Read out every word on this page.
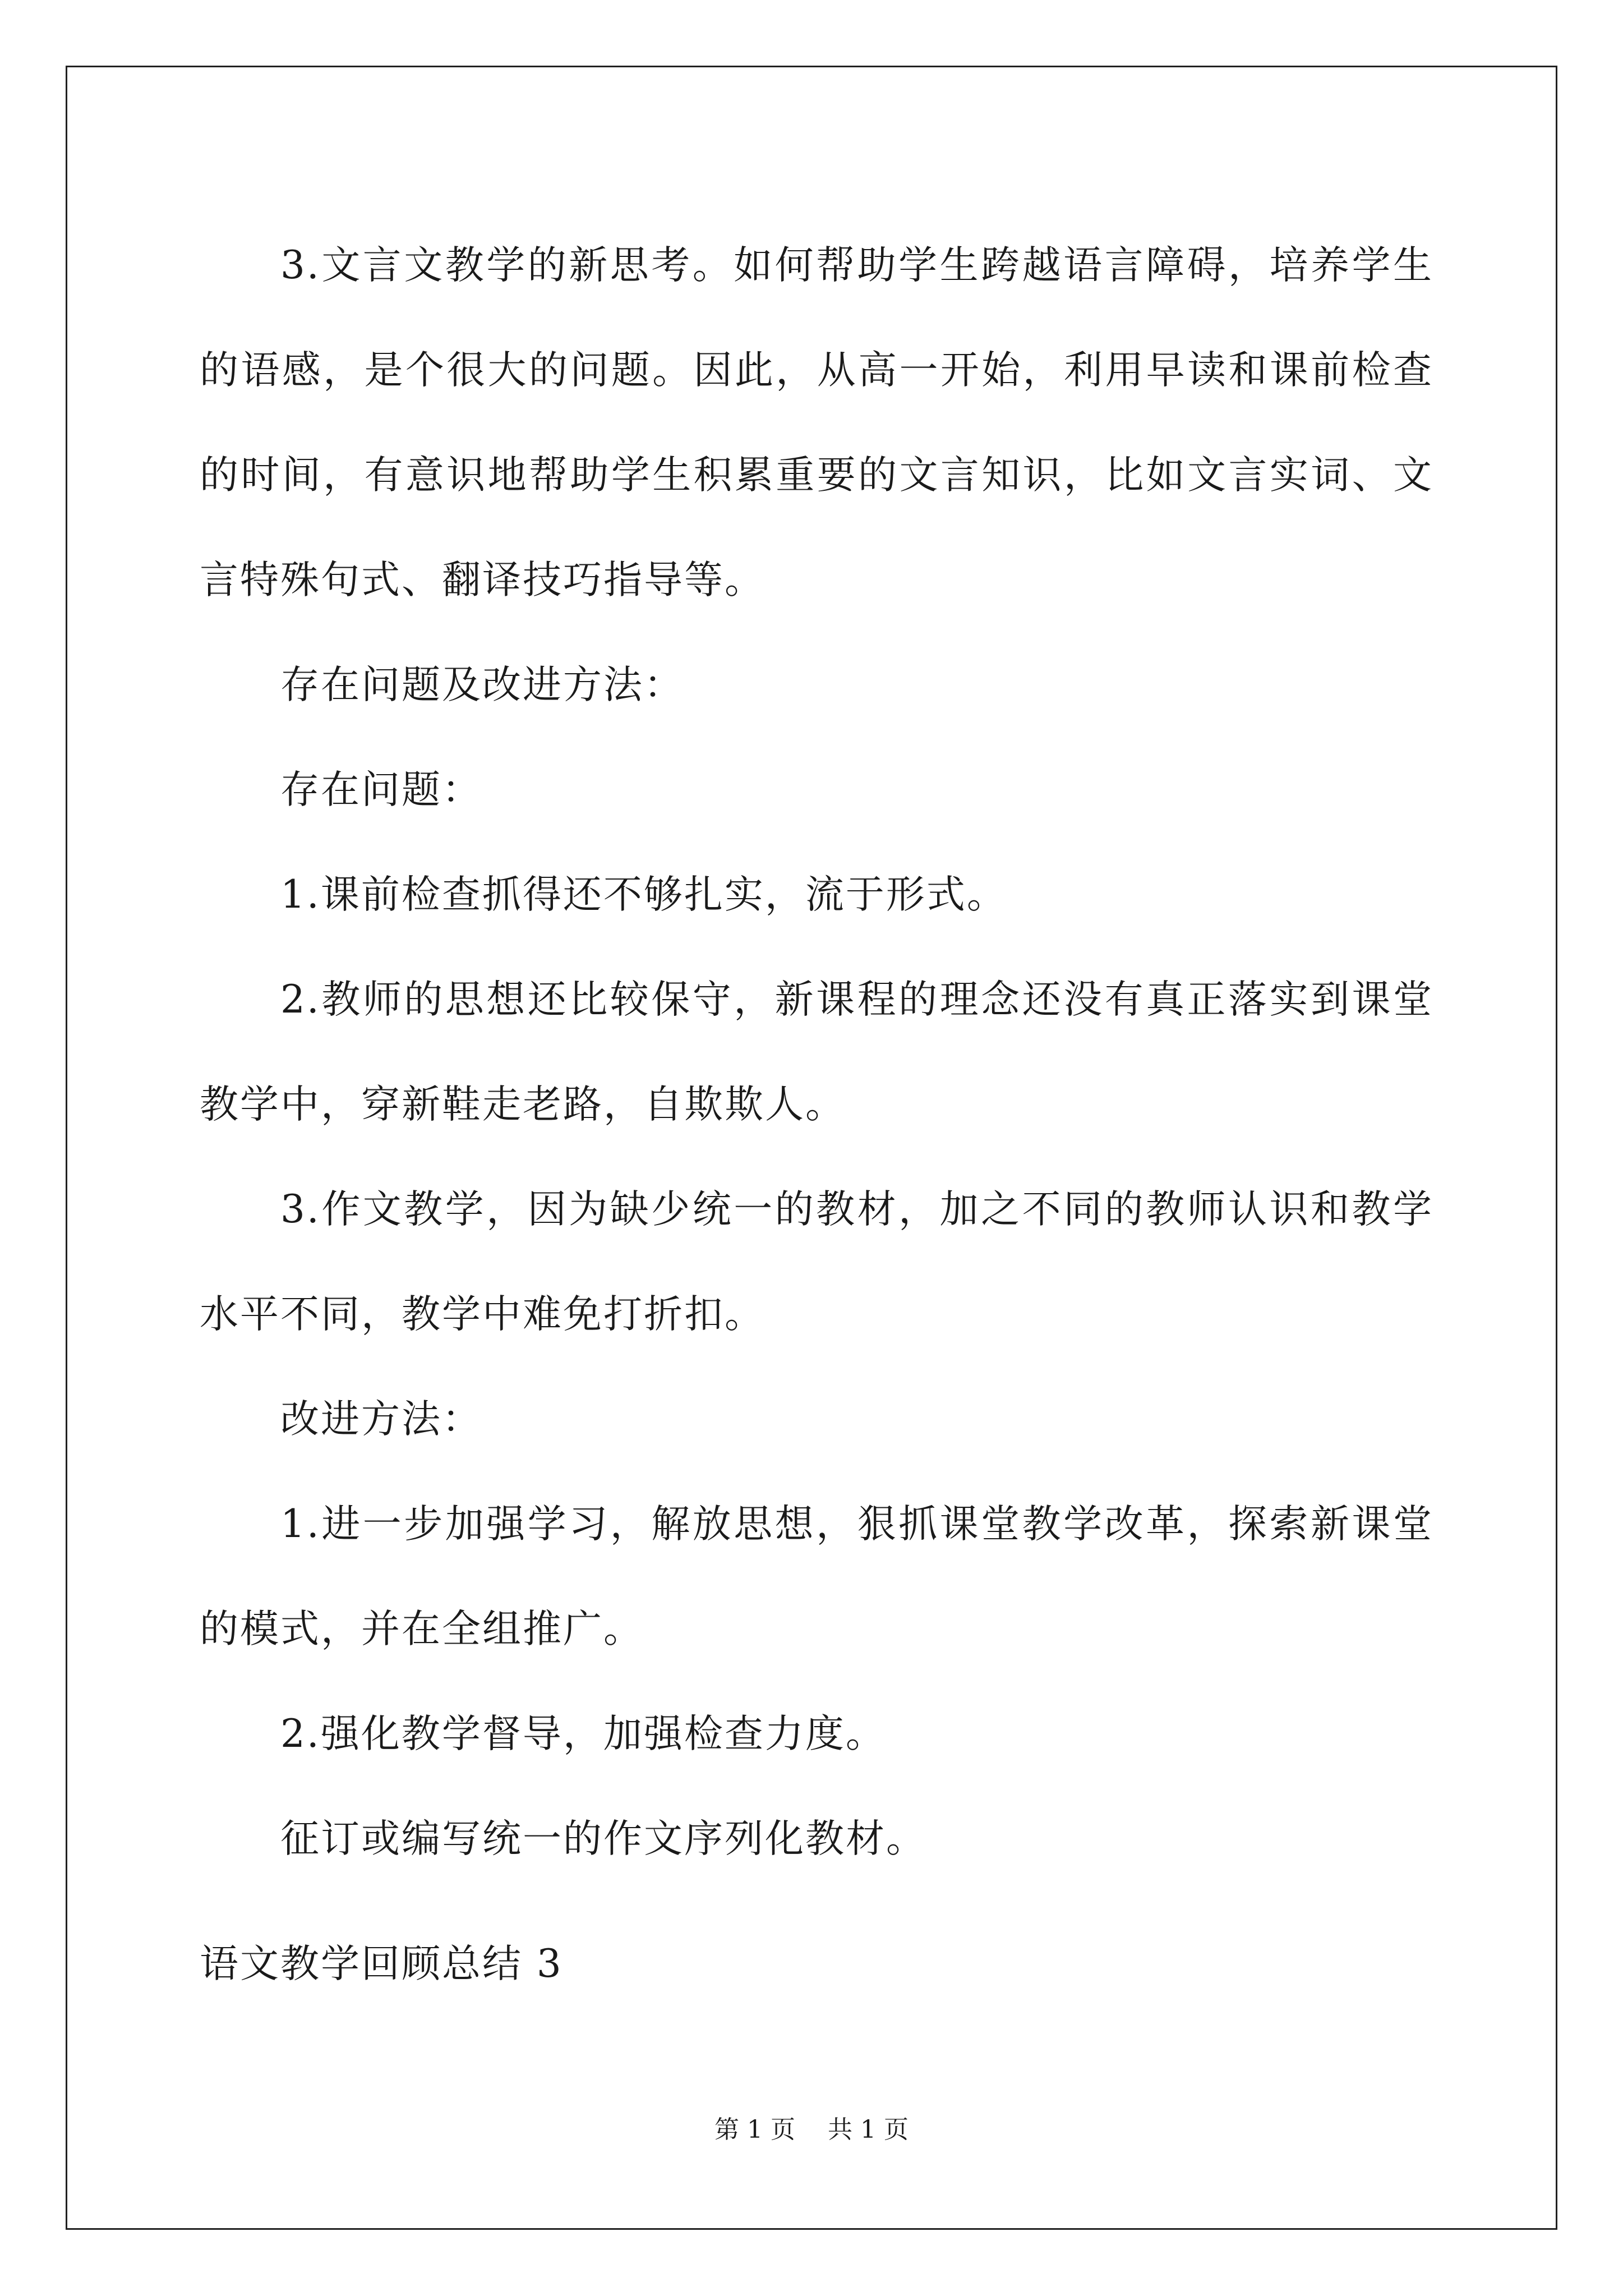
3.文言文教学的新思考。如何帮助学生跨越语言障碍，培养学生的语感，是个很大的问题。因此，从高一开始，利用早读和课前检查的时间，有意识地帮助学生积累重要的文言知识，比如文言实词、文言特殊句式、翻译技巧指导等。

存在问题及改进方法：

存在问题：

1.课前检查抓得还不够扎实，流于形式。

2.教师的思想还比较保守，新课程的理念还没有真正落实到课堂教学中，穿新鞋走老路，自欺欺人。

3.作文教学，因为缺少统一的教材，加之不同的教师认识和教学水平不同，教学中难免打折扣。

改进方法：

1.进一步加强学习，解放思想，狠抓课堂教学改革，探索新课堂的模式，并在全组推广。

2.强化教学督导，加强检查力度。

征订或编写统一的作文序列化教材。

语文教学回顾总结 3
第 1 页 共 1 页
